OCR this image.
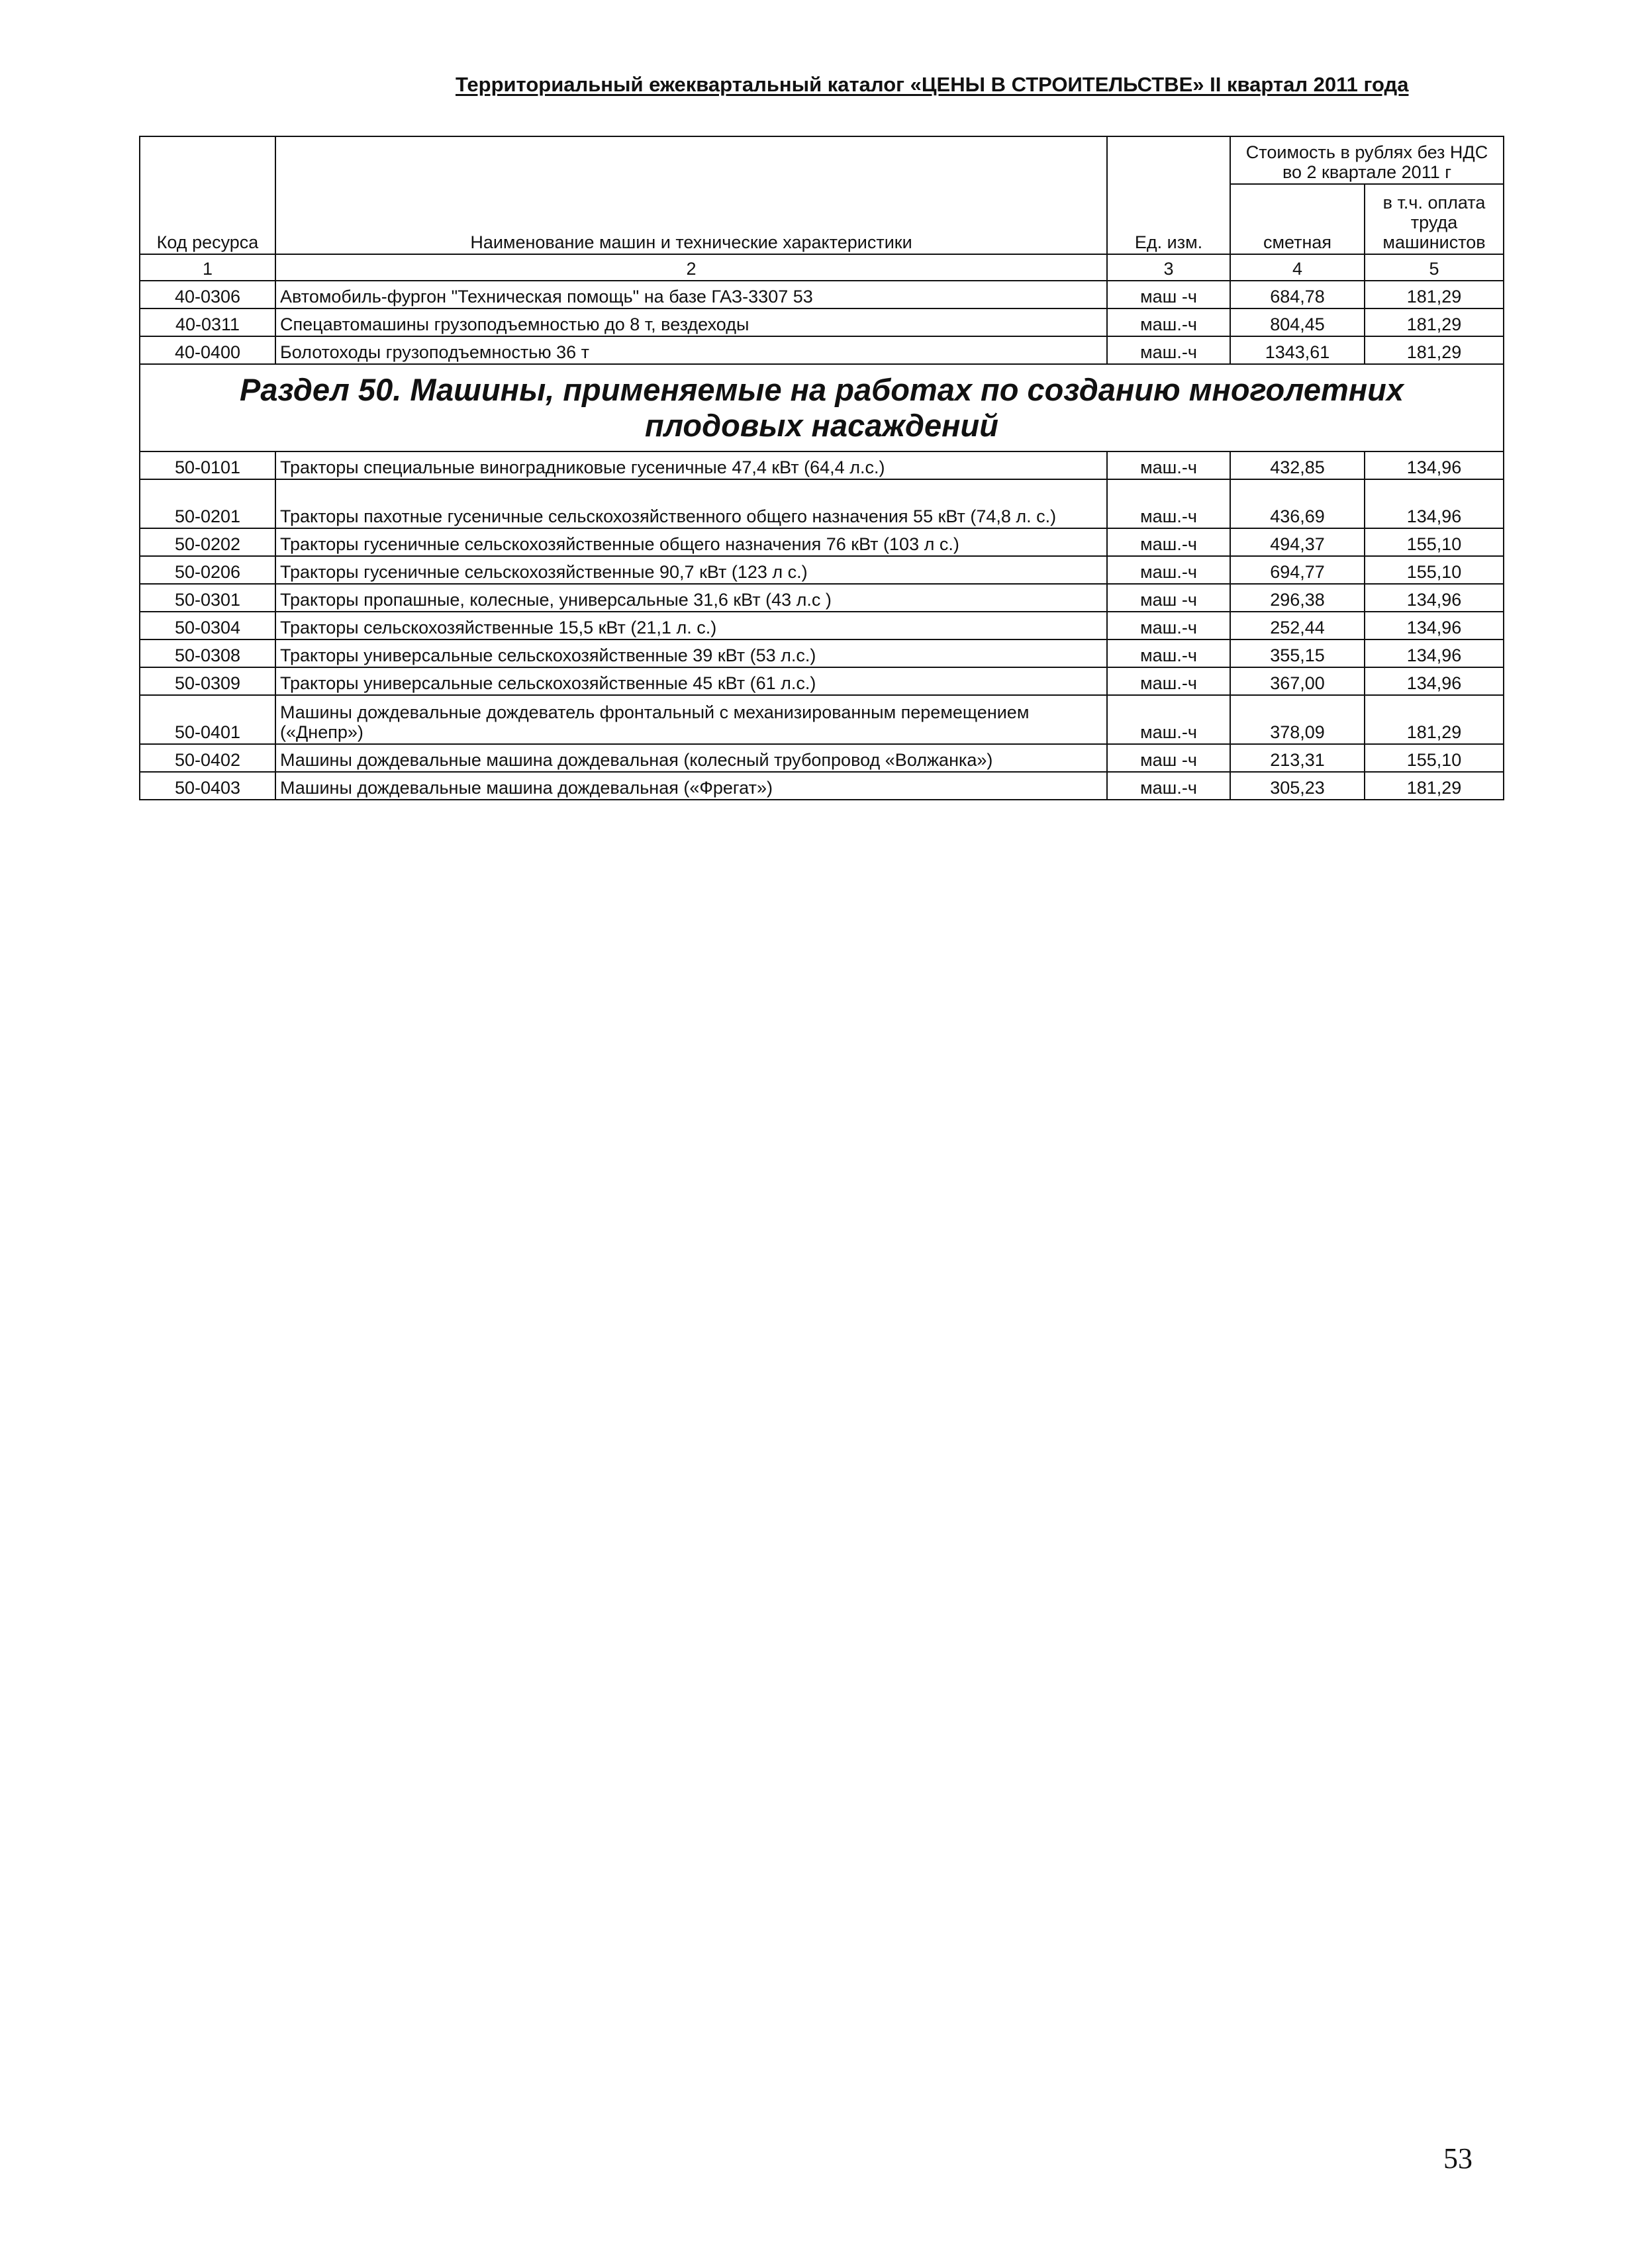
Территориальный ежеквартальный каталог «ЦЕНЫ В СТРОИТЕЛЬСТВЕ» II квартал 2011 года
Код ресурса	Наименование машин и технические характеристики	Ед. изм.	Стоимость в рублях без НДС во 2 квартале 2011 г	
			сметная	в т.ч. оплата труда машинистов
1	2	3	4	5
40-0306	Автомобиль-фургон "Техническая помощь" на базе ГАЗ-3307 53	маш -ч	684,78	181,29
40-0311	Спецавтомашины грузоподъемностью до 8 т, вездеходы	маш.-ч	804,45	181,29
40-0400	Болотоходы грузоподъемностью 36 т	маш.-ч	1343,61	181,29
Раздел 50. Машины, применяемые на работах по созданию многолетних плодовых насаждений				
50-0101	Тракторы специальные виноградниковые гусеничные 47,4 кВт (64,4 л.с.)	маш.-ч	432,85	134,96
50-0201	Тракторы пахотные гусеничные сельскохозяйственного общего назначения 55 кВт (74,8 л. с.)	маш.-ч	436,69	134,96
50-0202	Тракторы гусеничные сельскохозяйственные общего назначения 76 кВт (103 л с.)	маш.-ч	494,37	155,10
50-0206	Тракторы гусеничные сельскохозяйственные 90,7 кВт (123 л с.)	маш.-ч	694,77	155,10
50-0301	Тракторы пропашные, колесные, универсальные 31,6 кВт (43 л.с )	маш -ч	296,38	134,96
50-0304	Тракторы сельскохозяйственные 15,5 кВт (21,1 л. с.)	маш.-ч	252,44	134,96
50-0308	Тракторы универсальные сельскохозяйственные 39 кВт (53 л.с.)	маш.-ч	355,15	134,96
50-0309	Тракторы универсальные сельскохозяйственные 45 кВт (61 л.с.)	маш.-ч	367,00	134,96
50-0401	Машины дождевальные дождеватель фронтальный с механизированным перемещением («Днепр»)	маш.-ч	378,09	181,29
50-0402	Машины дождевальные машина дождевальная (колесный трубопровод «Волжанка»)	маш -ч	213,31	155,10
50-0403	Машины дождевальные машина дождевальная («Фрегат»)	маш.-ч	305,23	181,29
53
